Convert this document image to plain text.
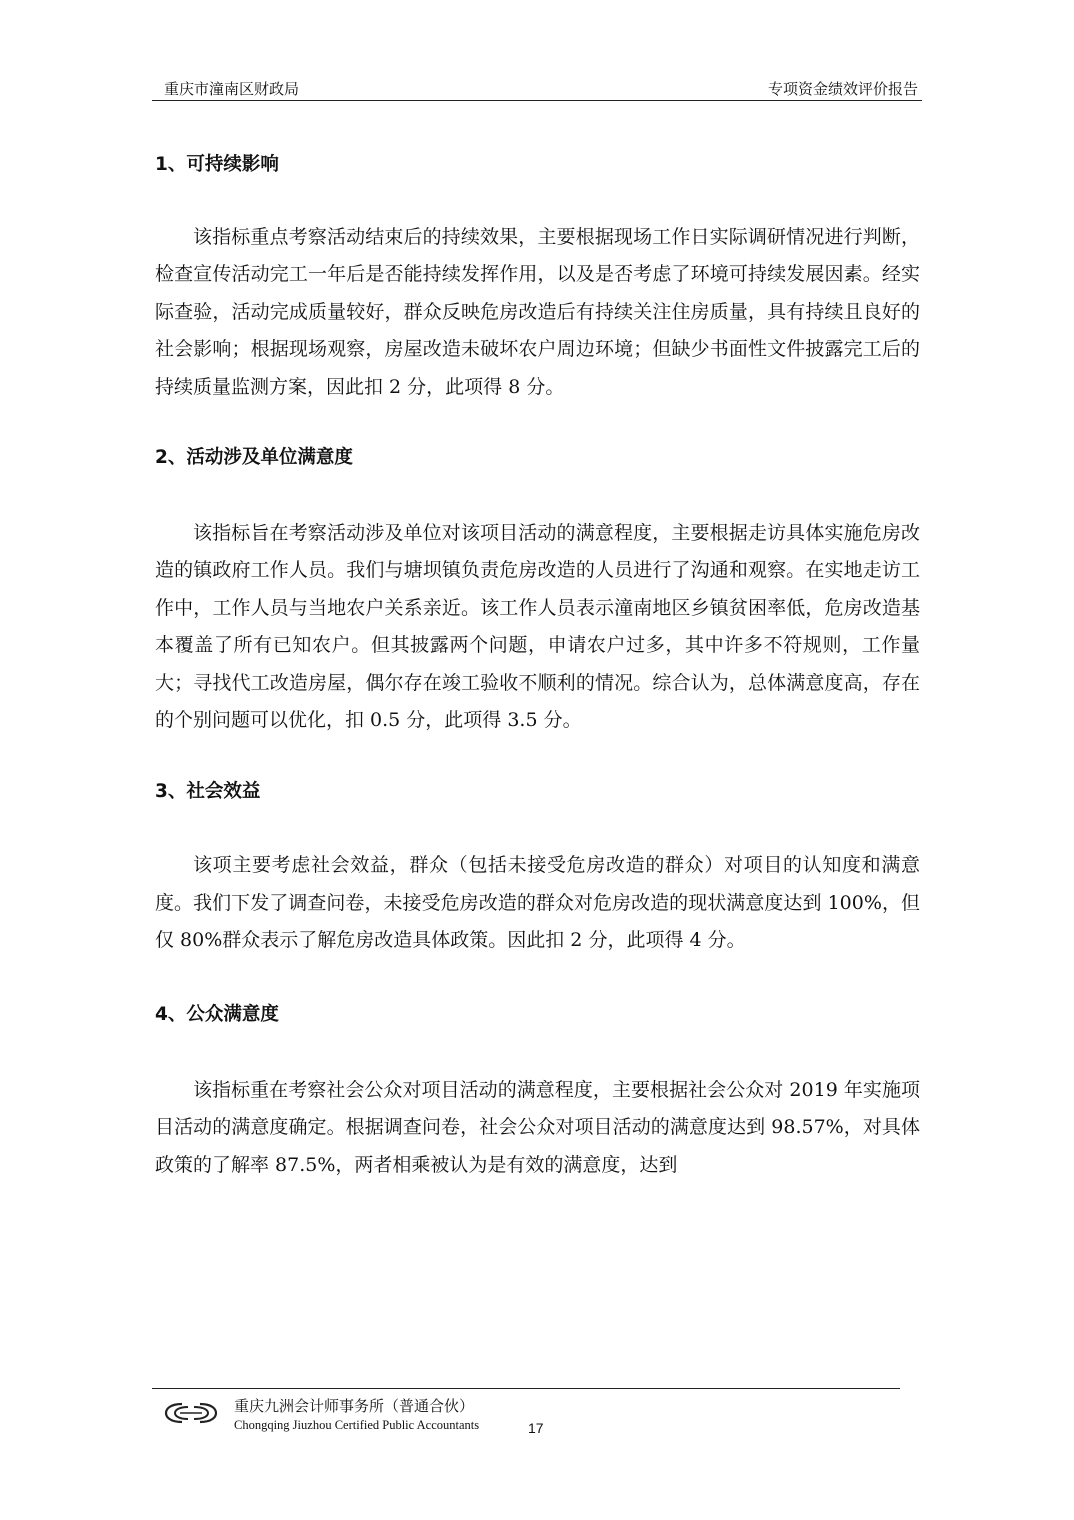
重庆市潼南区财政局	专项资金绩效评价报告
1、可持续影响

该指标重点考察活动结束后的持续效果，主要根据现场工作日实际调研情况进行判断，检查宣传活动完工一年后是否能持续发挥作用，以及是否考虑了环境可持续发展因素。经实际查验，活动完成质量较好，群众反映危房改造后有持续关注住房质量，具有持续且良好的社会影响；根据现场观察，房屋改造未破坏农户周边环境；但缺少书面性文件披露完工后的持续质量监测方案，因此扣 2 分，此项得 8 分。

2、活动涉及单位满意度

该指标旨在考察活动涉及单位对该项目活动的满意程度，主要根据走访具体实施危房改造的镇政府工作人员。我们与塘坝镇负责危房改造的人员进行了沟通和观察。在实地走访工作中，工作人员与当地农户关系亲近。该工作人员表示潼南地区乡镇贫困率低，危房改造基本覆盖了所有已知农户。但其披露两个问题，申请农户过多，其中许多不符规则，工作量大；寻找代工改造房屋，偶尔存在竣工验收不顺利的情况。综合认为，总体满意度高，存在的个别问题可以优化，扣 0.5 分，此项得 3.5 分。

3、社会效益

该项主要考虑社会效益，群众（包括未接受危房改造的群众）对项目的认知度和满意度。我们下发了调查问卷，未接受危房改造的群众对危房改造的现状满意度达到 100%，但仅 80%群众表示了解危房改造具体政策。因此扣 2 分，此项得 4 分。

4、公众满意度

该指标重在考察社会公众对项目活动的满意程度，主要根据社会公众对 2019 年实施项目活动的满意度确定。根据调查问卷，社会公众对项目活动的满意度达到 98.57%，对具体政策的了解率 87.5%，两者相乘被认为是有效的满意度，达到

重庆九洲会计师事务所（普通合伙）
Chongqing Jiuzhou Certified Public Accountants	17
